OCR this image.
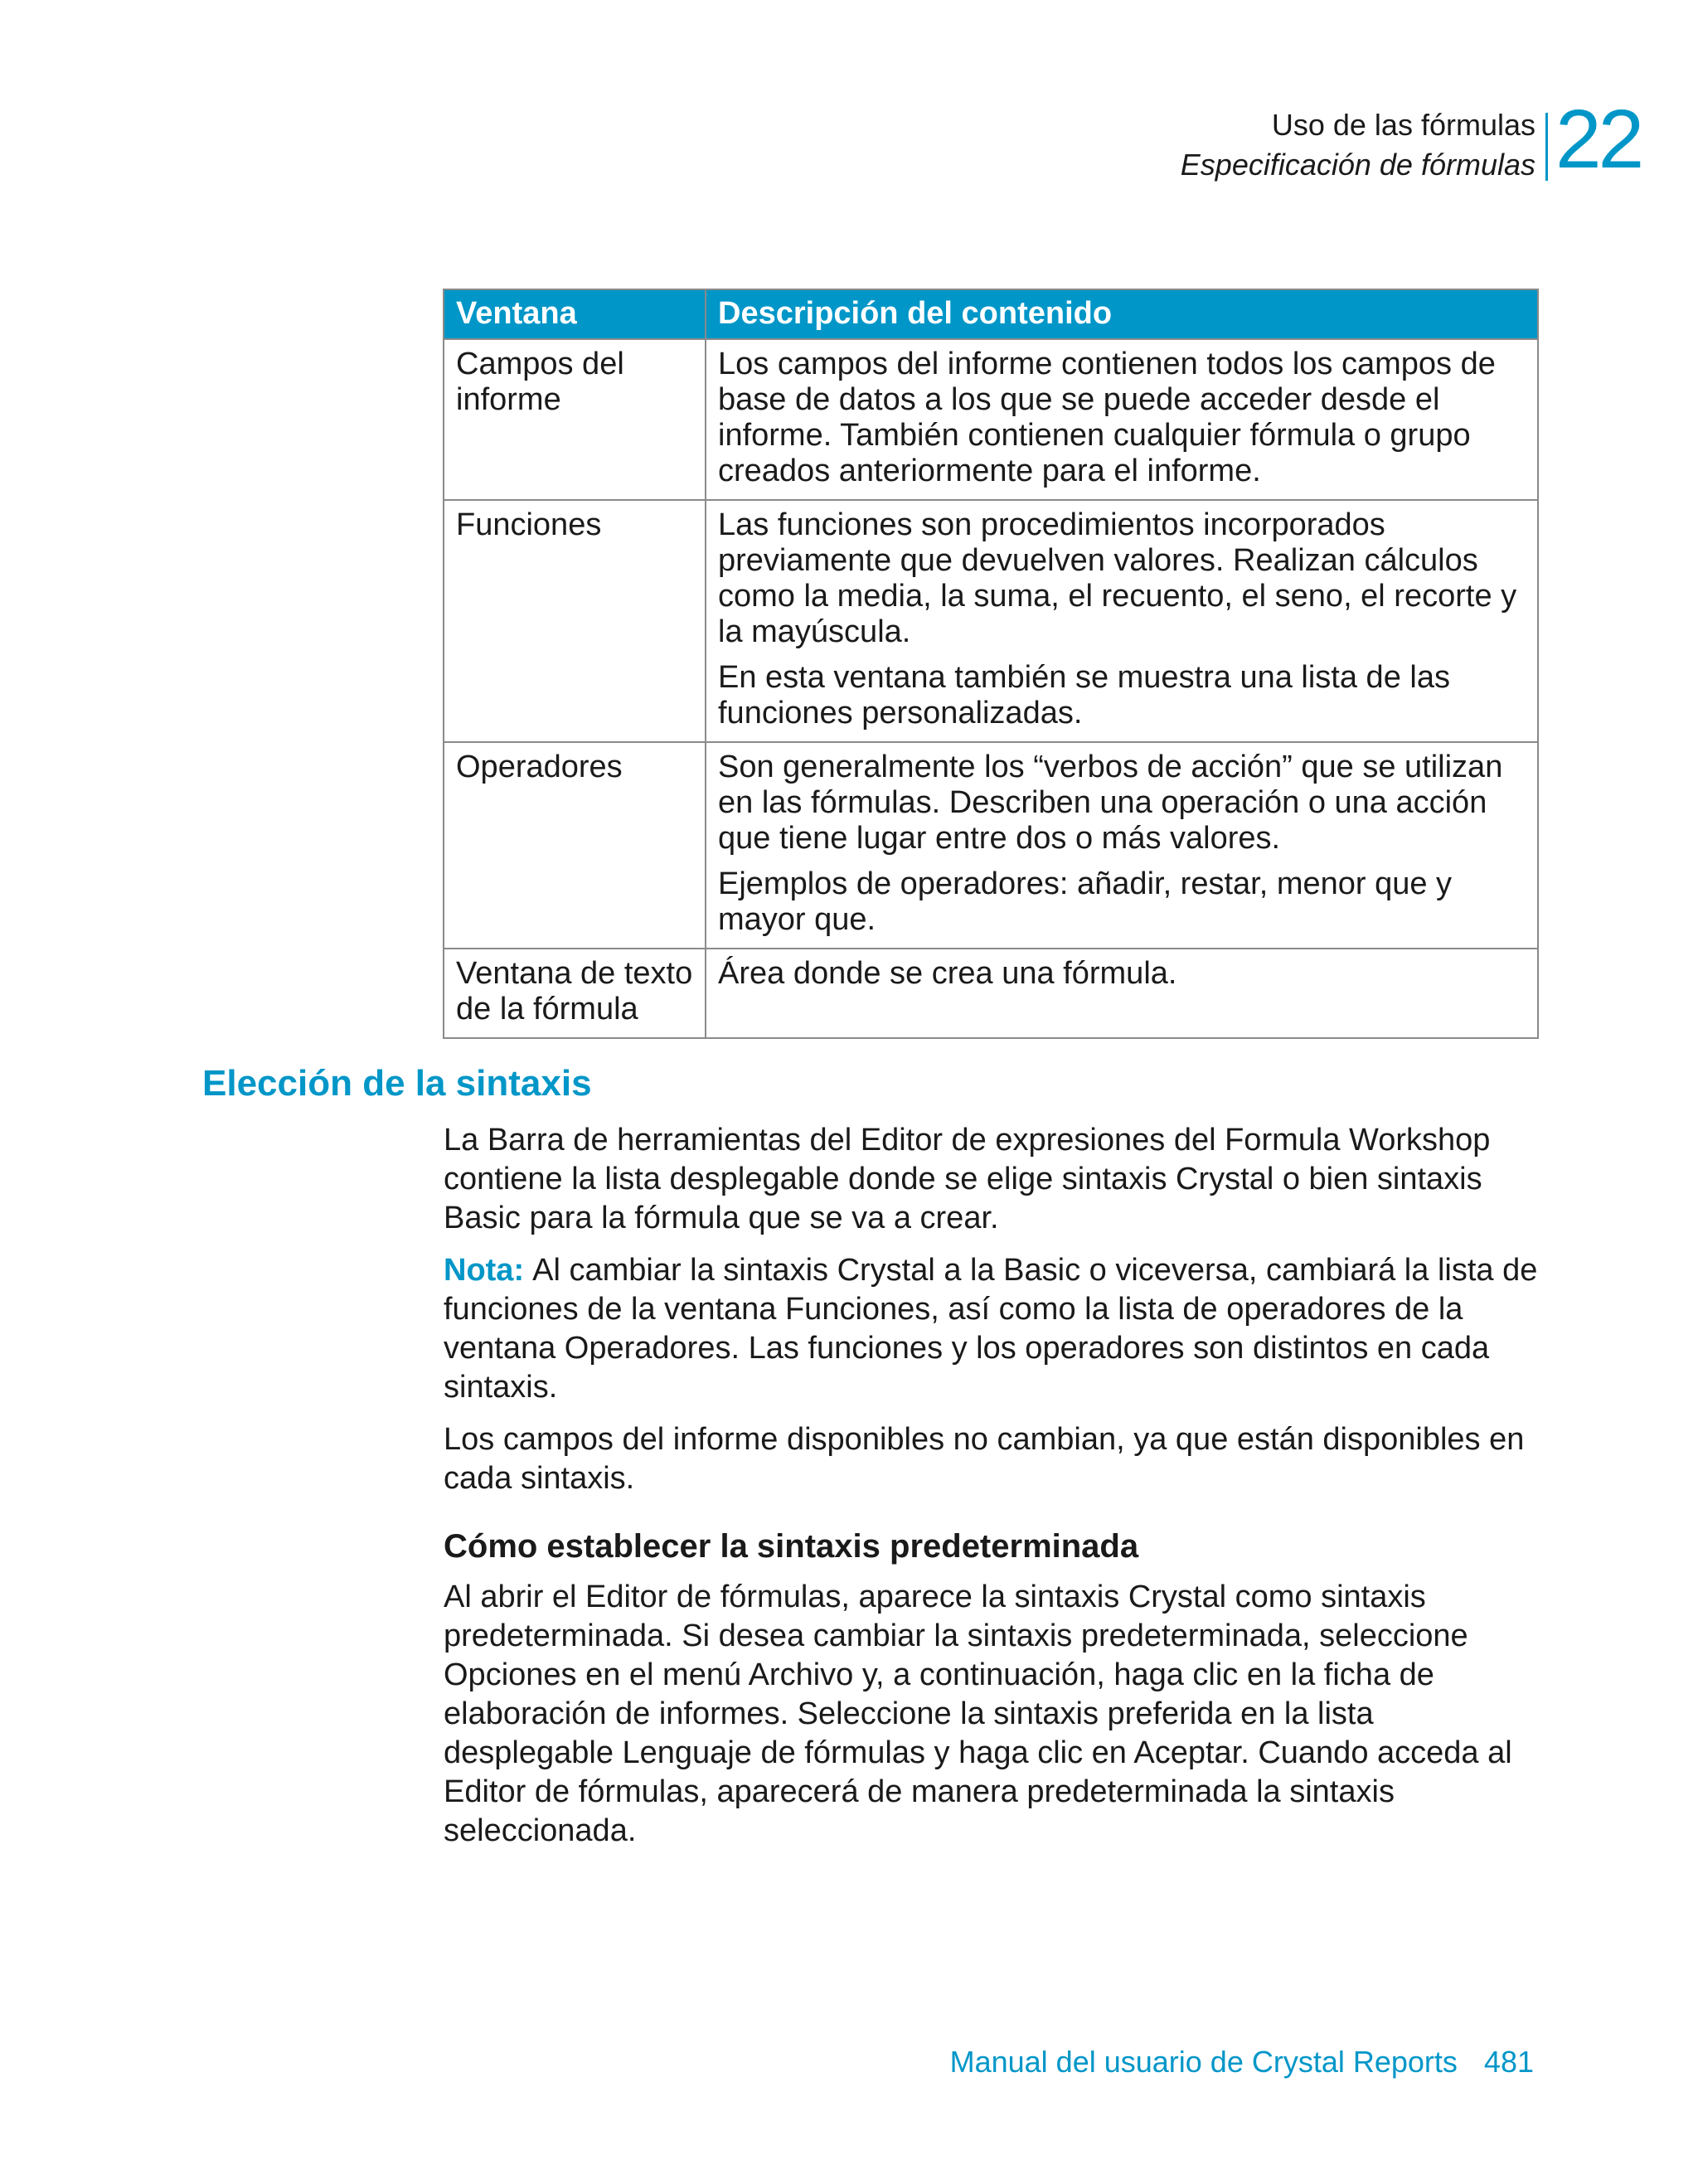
Uso de las fórmulas
Especificación de fórmulas 22
Ventana	Descripción del contenido
Campos del informe	Los campos del informe contienen todos los campos de base de datos a los que se puede acceder desde el informe. También contienen cualquier fórmula o grupo creados anteriormente para el informe.

Funciones	Las funciones son procedimientos incorporados previamente que devuelven valores. Realizan cálculos como la media, la suma, el recuento, el seno, el recorte y la mayúscula.

En esta ventana también se muestra una lista de las funciones personalizadas.

Operadores	Son generalmente los “verbos de acción” que se utilizan en las fórmulas. Describen una operación o una acción que tiene lugar entre dos o más valores.

Ejemplos de operadores: añadir, restar, menor que y mayor que.

Ventana de texto de la fórmula	Área donde se crea una fórmula.

Elección de la sintaxis

La Barra de herramientas del Editor de expresiones del Formula Workshop contiene la lista desplegable donde se elige sintaxis Crystal o bien sintaxis Basic para la fórmula que se va a crear.

Nota: Al cambiar la sintaxis Crystal a la Basic o viceversa, cambiará la lista de funciones de la ventana Funciones, así como la lista de operadores de la ventana Operadores. Las funciones y los operadores son distintos en cada sintaxis.

Los campos del informe disponibles no cambian, ya que están disponibles en cada sintaxis.

Cómo establecer la sintaxis predeterminada

Al abrir el Editor de fórmulas, aparece la sintaxis Crystal como sintaxis predeterminada. Si desea cambiar la sintaxis predeterminada, seleccione Opciones en el menú Archivo y, a continuación, haga clic en la ficha de elaboración de informes. Seleccione la sintaxis preferida en la lista desplegable Lenguaje de fórmulas y haga clic en Aceptar. Cuando acceda al Editor de fórmulas, aparecerá de manera predeterminada la sintaxis seleccionada.

Manual del usuario de Crystal Reports 481
